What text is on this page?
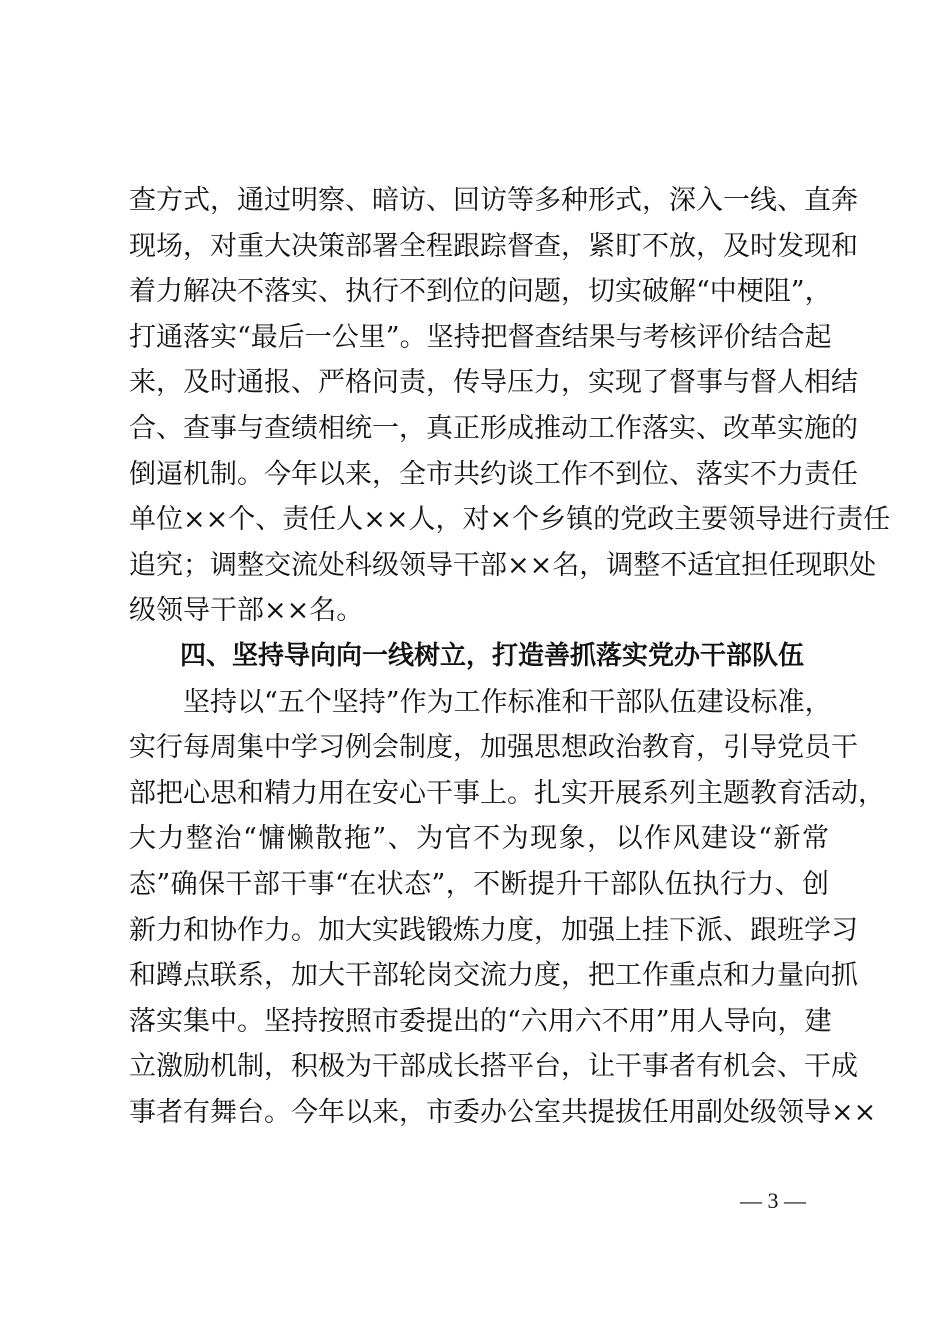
查方式，通过明察、暗访、回访等多种形式，深入一线、直奔
现场，对重大决策部署全程跟踪督查，紧盯不放，及时发现和
着力解决不落实、执行不到位的问题，切实破解“中梗阻”，
打通落实“最后一公里”。坚持把督查结果与考核评价结合起
来，及时通报、严格问责，传导压力，实现了督事与督人相结
合、查事与查绩相统一，真正形成推动工作落实、改革实施的
倒逼机制。今年以来，全市共约谈工作不到位、落实不力责任
单位××个、责任人××人，对×个乡镇的党政主要领导进行责任
追究；调整交流处科级领导干部××名，调整不适宜担任现职处
级领导干部××名。
四、坚持导向向一线树立，打造善抓落实党办干部队伍
坚持以“五个坚持”作为工作标准和干部队伍建设标准，
实行每周集中学习例会制度，加强思想政治教育，引导党员干
部把心思和精力用在安心干事上。扎实开展系列主题教育活动，
大力整治“慵懒散拖”、为官不为现象，以作风建设“新常
态”确保干部干事“在状态”，不断提升干部队伍执行力、创
新力和协作力。加大实践锻炼力度，加强上挂下派、跟班学习
和蹲点联系，加大干部轮岗交流力度，把工作重点和力量向抓
落实集中。坚持按照市委提出的“六用六不用”用人导向，建
立激励机制，积极为干部成长搭平台，让干事者有机会、干成
事者有舞台。今年以来，市委办公室共提拔任用副处级领导××
— 3 —
